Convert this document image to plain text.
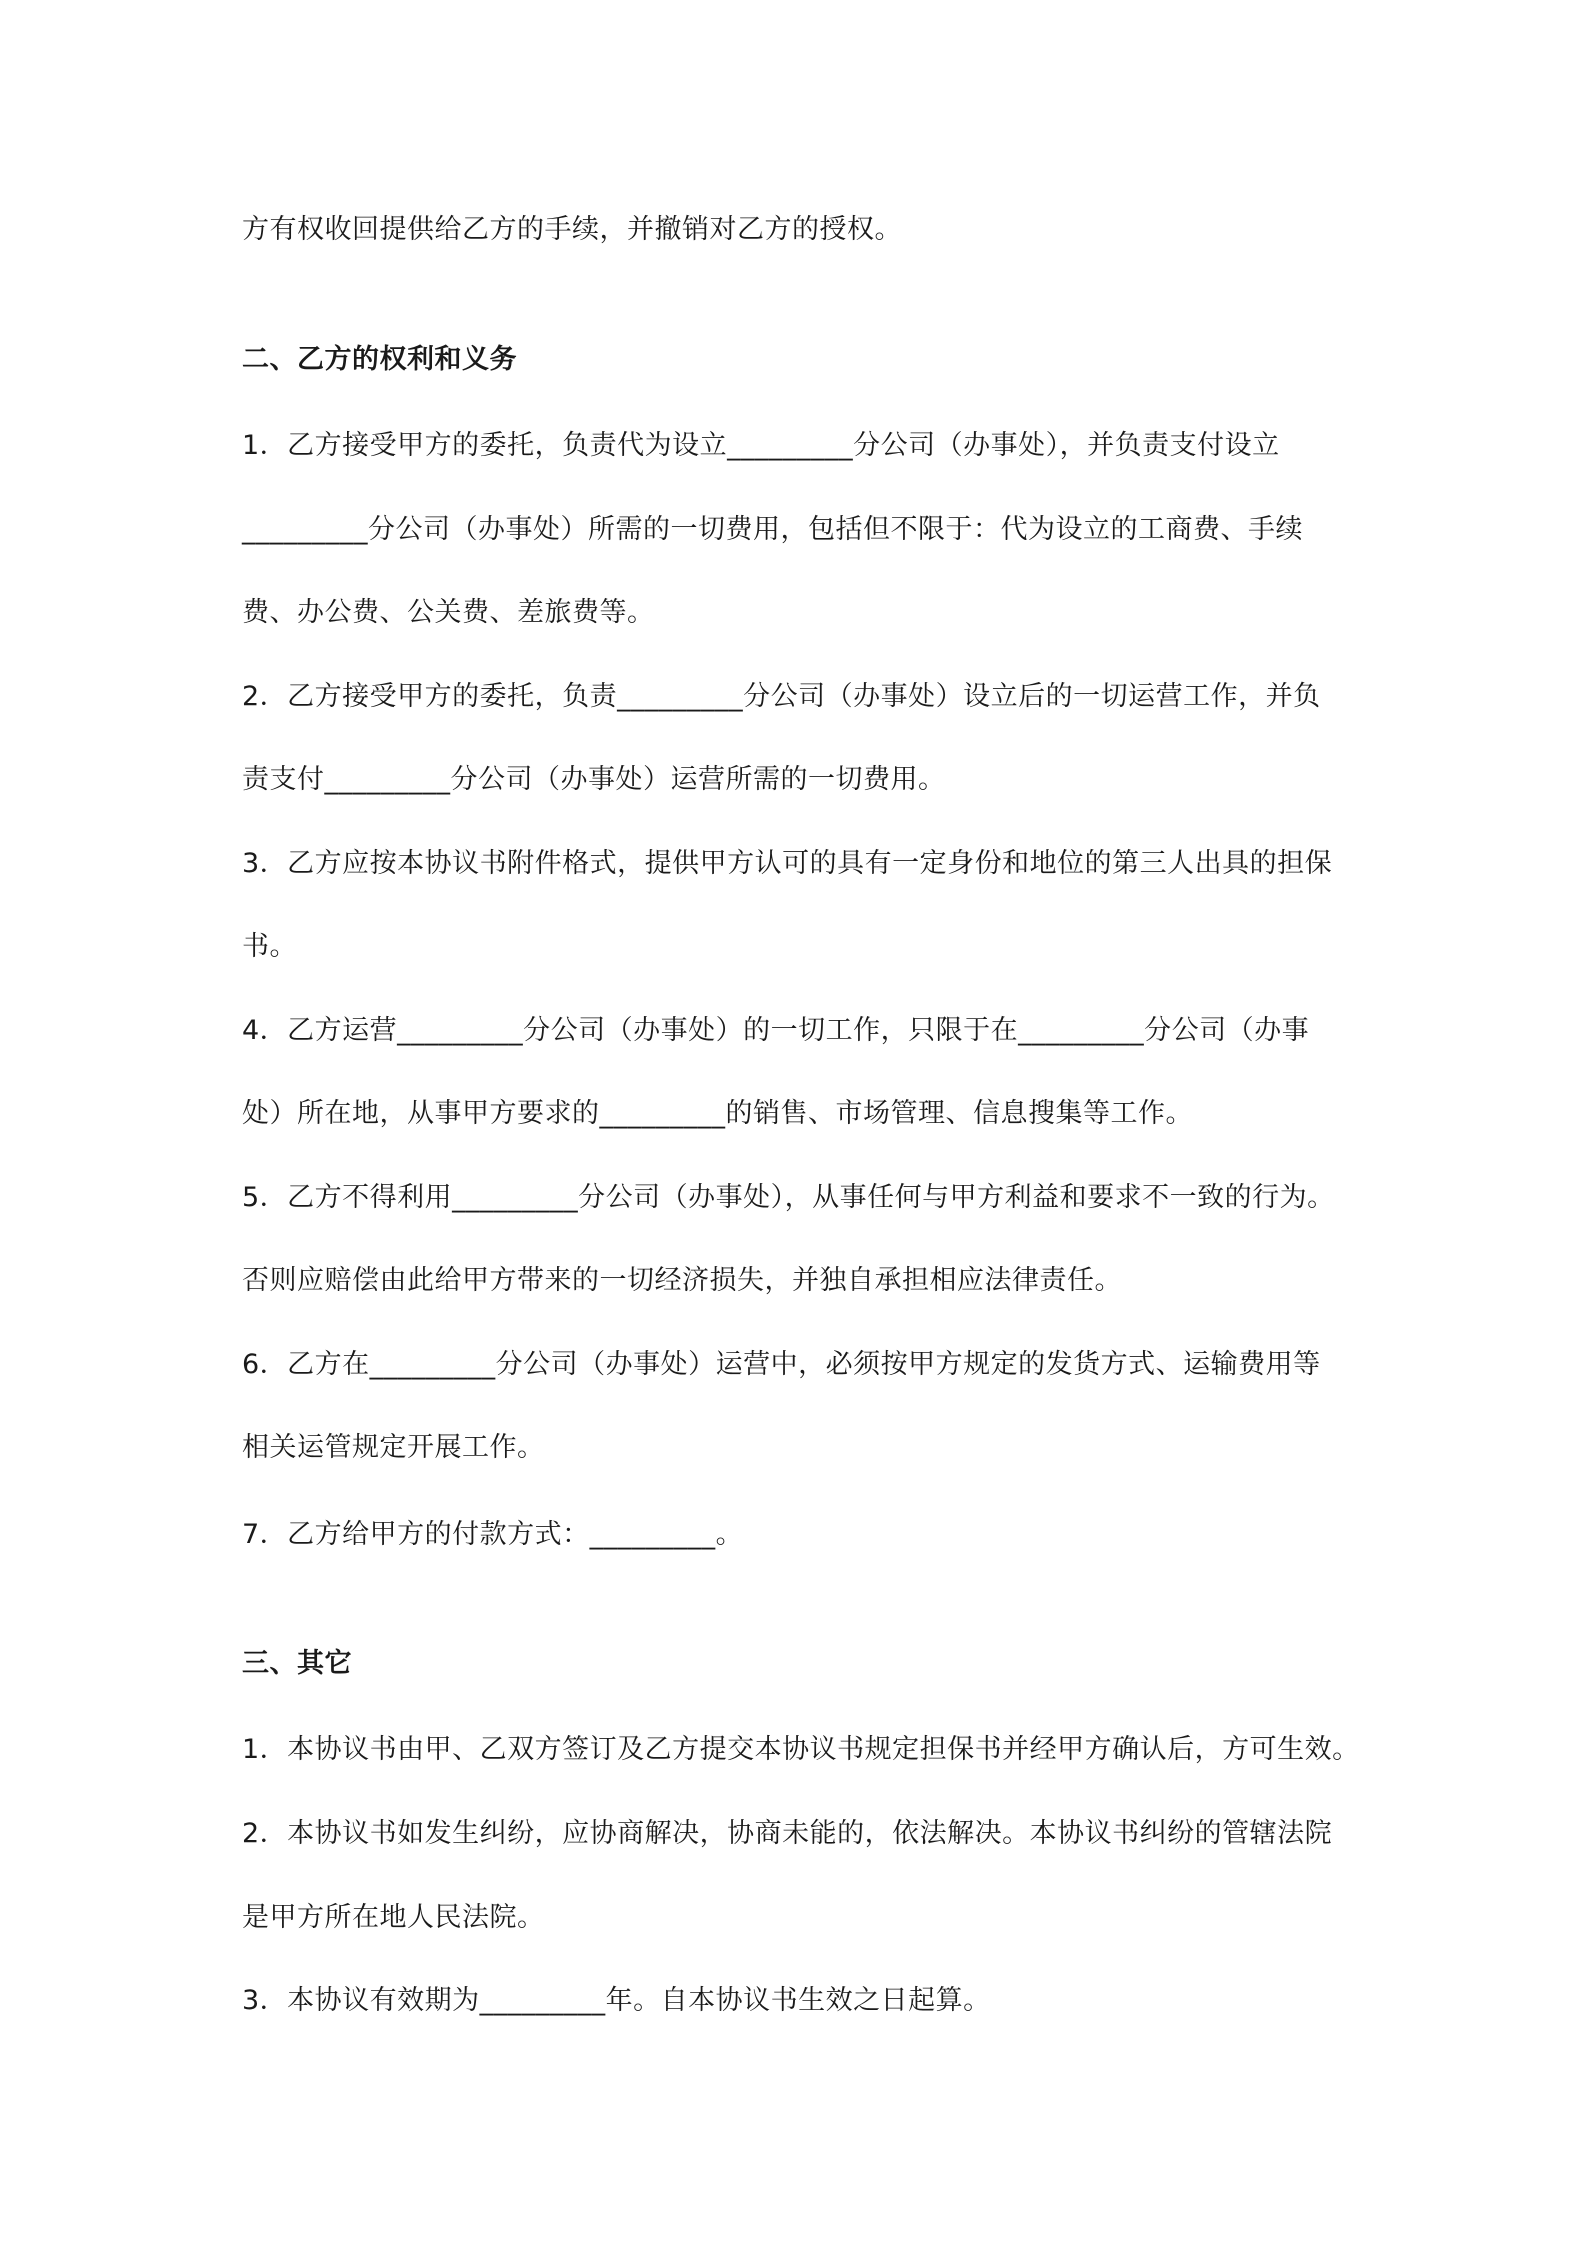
方有权收回提供给乙方的手续，并撤销对乙方的授权。
二、乙方的权利和义务
1．乙方接受甲方的委托，负责代为设立_________分公司（办事处），并负责支付设立
_________分公司（办事处）所需的一切费用，包括但不限于：代为设立的工商费、手续
费、办公费、公关费、差旅费等。
2．乙方接受甲方的委托，负责_________分公司（办事处）设立后的一切运营工作，并负
责支付_________分公司（办事处）运营所需的一切费用。
3．乙方应按本协议书附件格式，提供甲方认可的具有一定身份和地位的第三人出具的担保
书。
4．乙方运营_________分公司（办事处）的一切工作，只限于在_________分公司（办事
处）所在地，从事甲方要求的_________的销售、市场管理、信息搜集等工作。
5．乙方不得利用_________分公司（办事处），从事任何与甲方利益和要求不一致的行为。
否则应赔偿由此给甲方带来的一切经济损失，并独自承担相应法律责任。
6．乙方在_________分公司（办事处）运营中，必须按甲方规定的发货方式、运输费用等
相关运管规定开展工作。
7．乙方给甲方的付款方式：_________。
三、其它
1．本协议书由甲、乙双方签订及乙方提交本协议书规定担保书并经甲方确认后，方可生效。
2．本协议书如发生纠纷，应协商解决，协商未能的，依法解决。本协议书纠纷的管辖法院
是甲方所在地人民法院。
3．本协议有效期为_________年。自本协议书生效之日起算。
